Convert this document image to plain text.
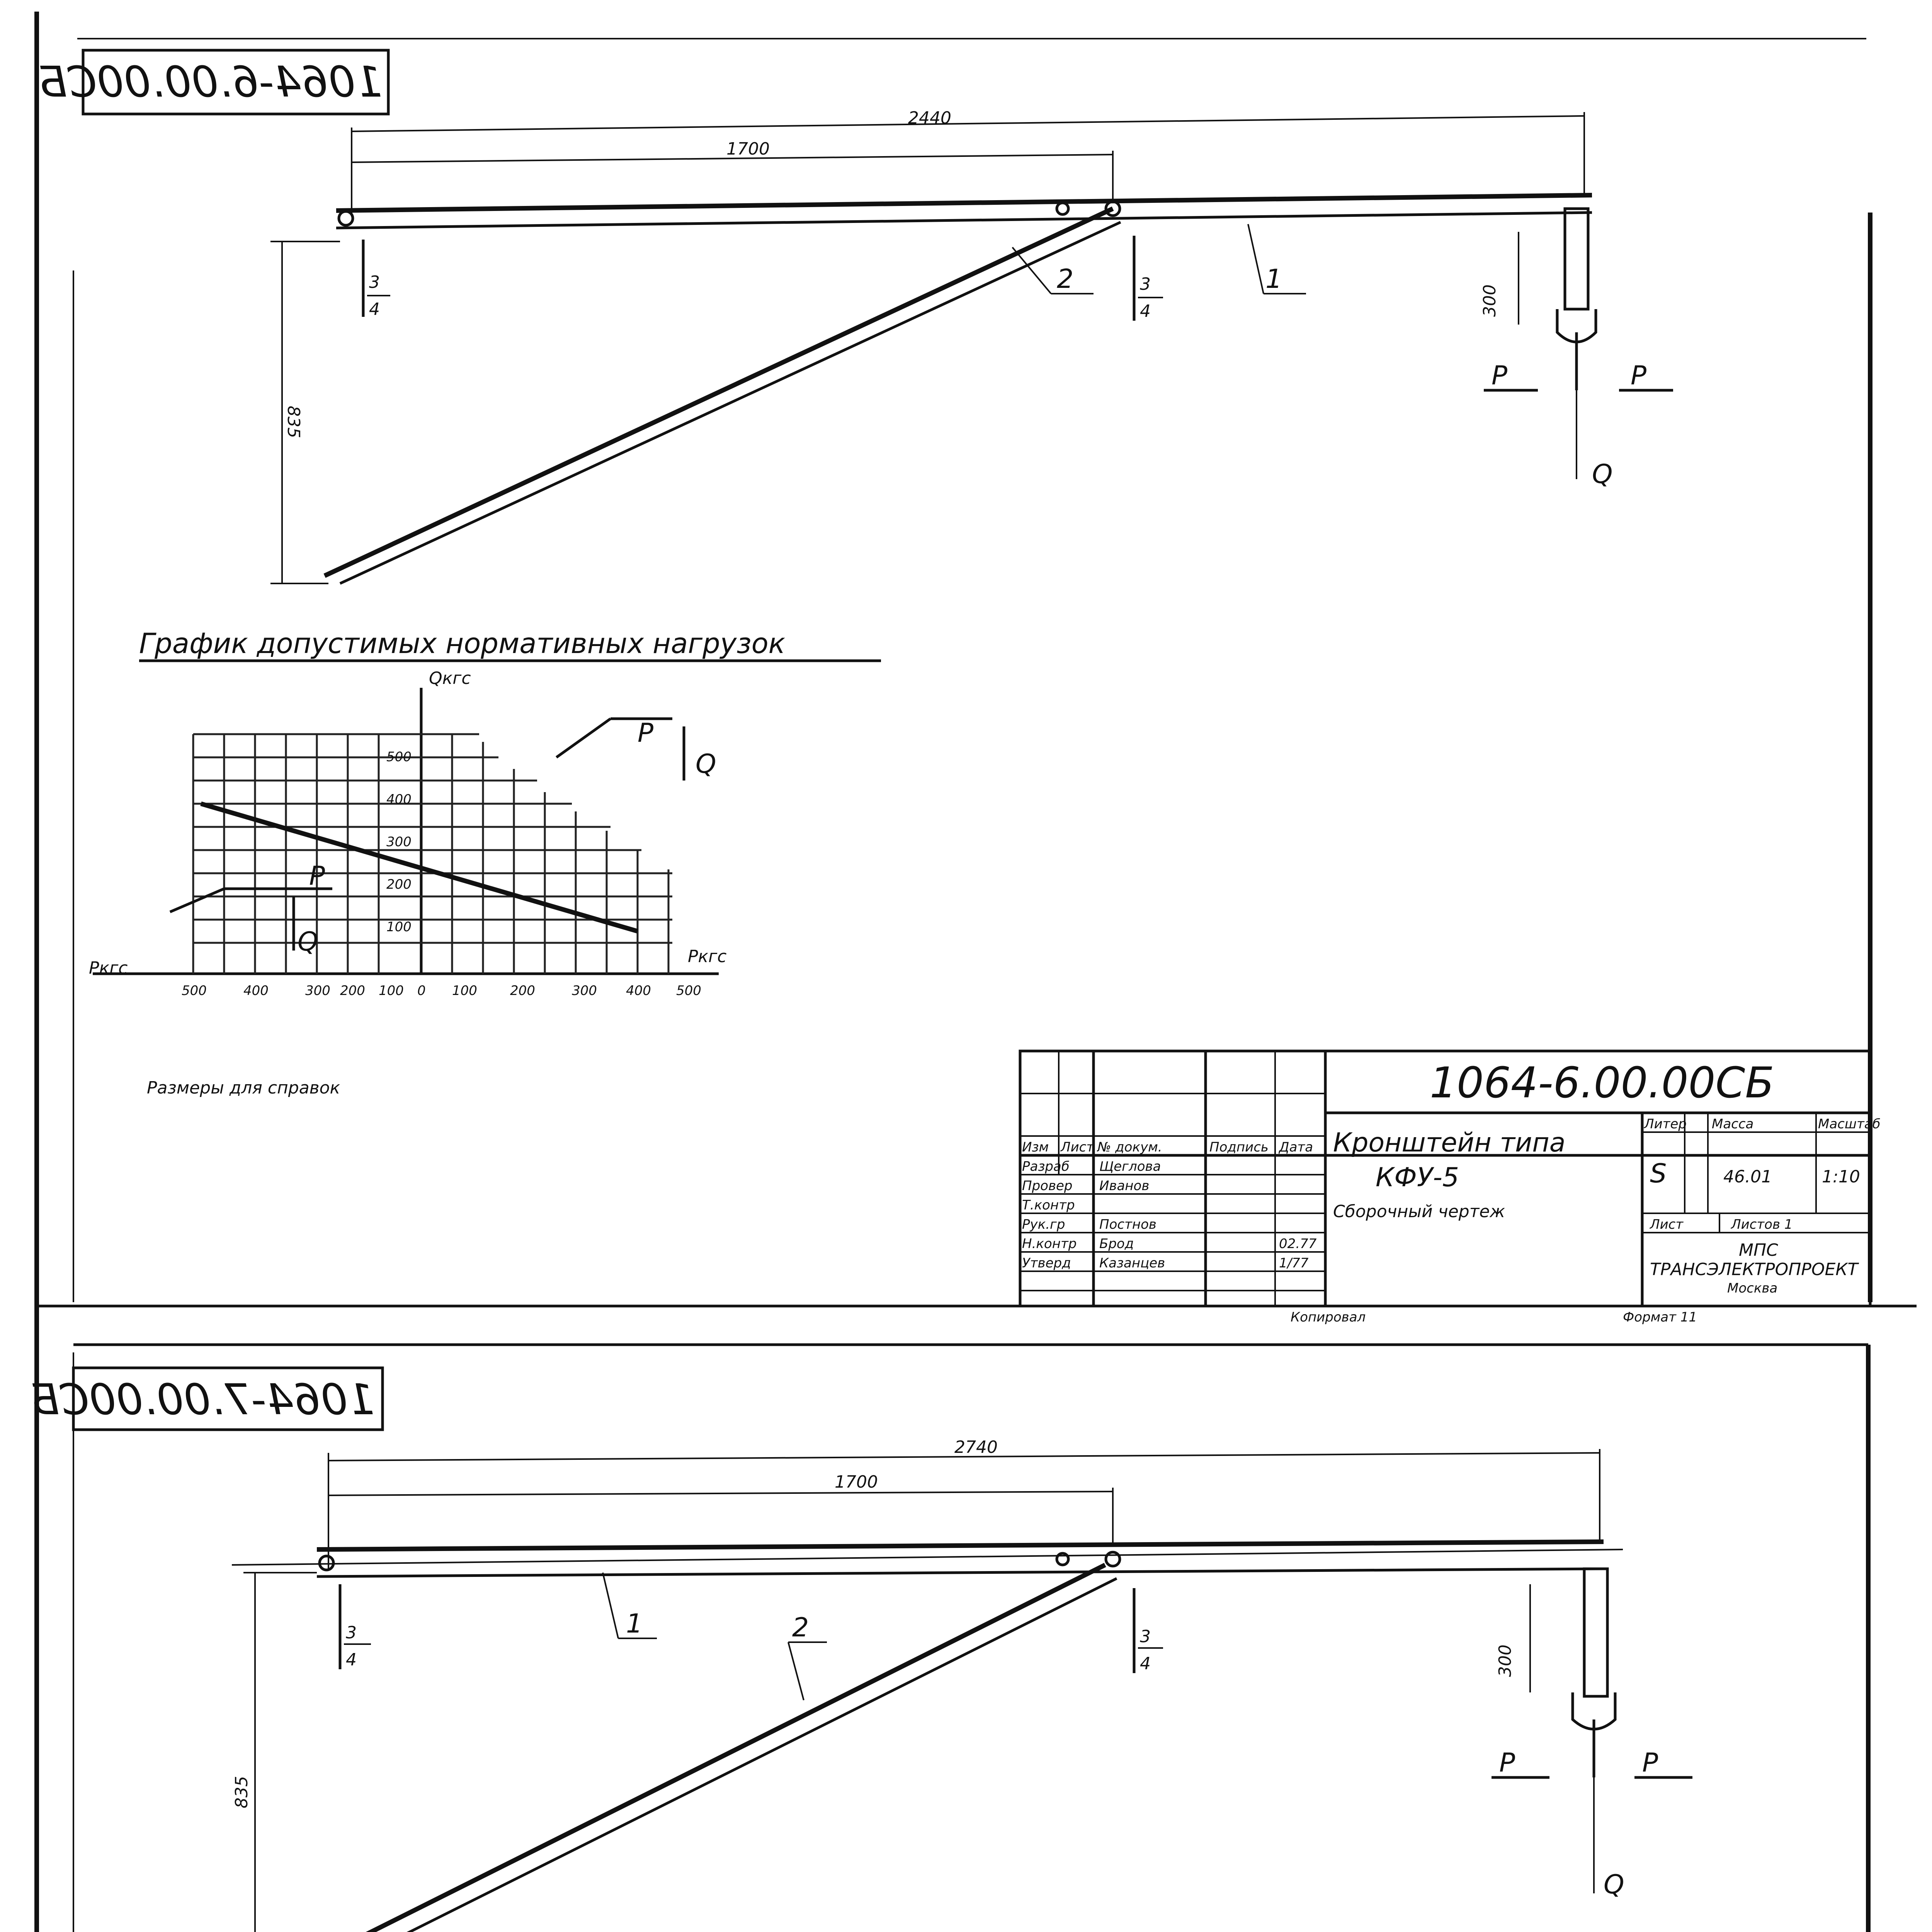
1064-6.00.00CБ
2440
1700
835
300
3
4
3
4
2	1
P	P
Q
График допустимых нормативных нагрузок
Qкгс
Pкгс
Pкгс
P
Q
P
Q
500	400	300 200 100 0 100	200	300 400 500
100
200
300
400
500
Размеры для справок	1064-6.00.00СБ
Кронштейн типа
КФУ-5
Сборочный чертеж
Литер Масса	Масштаб
S	46.01	1:10
Лист	Листов 1
МПС
ТРАНСЭЛЕКТРОПРОЕКТ
Москва
Изм Лист № докум.	Подпись Дата
Разраб Щеглова
Провер Иванов
Т.контр
Рук.гр	Постнов
Н.контр Брод	02.77
Утверд Казанцев	1/77
Копировал	Формат 11
1064-7.00.00СБ
2740
1700
835
300
3
4
3
4
1	2
P	P
Q
